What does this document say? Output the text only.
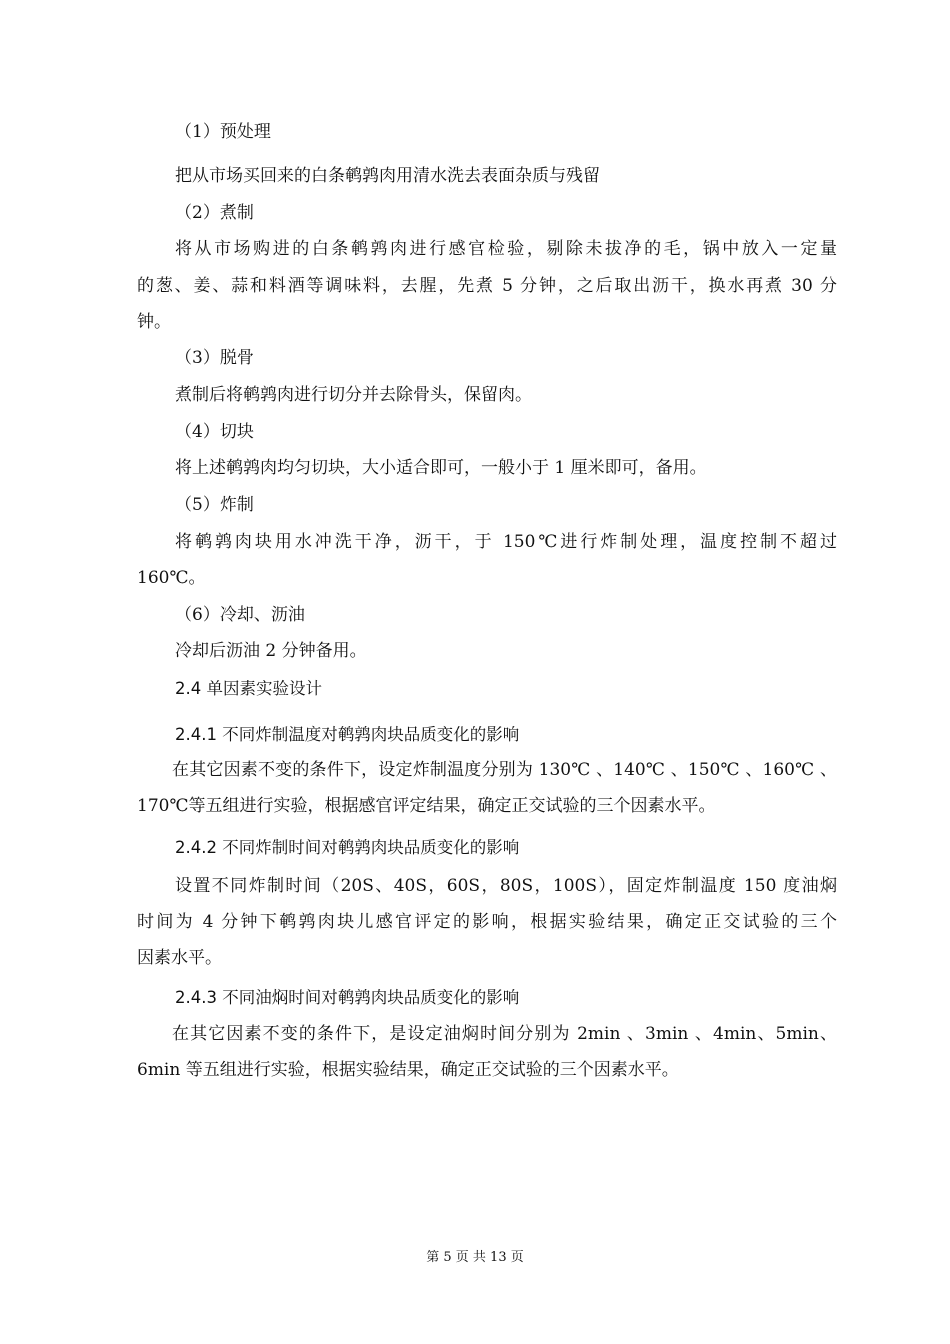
（1）预处理
把从市场买回来的白条鹌鹑肉用清水洗去表面杂质与残留
（2）煮制
将从市场购进的白条鹌鹑肉进行感官检验，剔除未拔净的毛，锅中放入一定量
的葱、姜、蒜和料酒等调味料，去腥，先煮 5 分钟，之后取出沥干，换水再煮 30 分
钟。
（3）脱骨
煮制后将鹌鹑肉进行切分并去除骨头，保留肉。
（4）切块
将上述鹌鹑肉均匀切块，大小适合即可，一般小于 1 厘米即可，备用。
（5）炸制
将鹌鹑肉块用水冲洗干净，沥干，于 150℃进行炸制处理，温度控制不超过
160℃。
（6）冷却、沥油
冷却后沥油 2 分钟备用。
2.4 单因素实验设计
2.4.1 不同炸制温度对鹌鹑肉块品质变化的影响
在其它因素不变的条件下，设定炸制温度分别为 130℃ 、140℃ 、150℃ 、160℃ 、
170℃等五组进行实验，根据感官评定结果，确定正交试验的三个因素水平。
2.4.2 不同炸制时间对鹌鹑肉块品质变化的影响
设置不同炸制时间（20S、40S，60S，80S，100S），固定炸制温度 150 度油焖
时间为 4 分钟下鹌鹑肉块儿感官评定的影响，根据实验结果，确定正交试验的三个
因素水平。
2.4.3 不同油焖时间对鹌鹑肉块品质变化的影响
在其它因素不变的条件下，是设定油焖时间分别为 2min 、3min 、4min、5min、
6min 等五组进行实验，根据实验结果，确定正交试验的三个因素水平。
第 5 页 共 13 页
